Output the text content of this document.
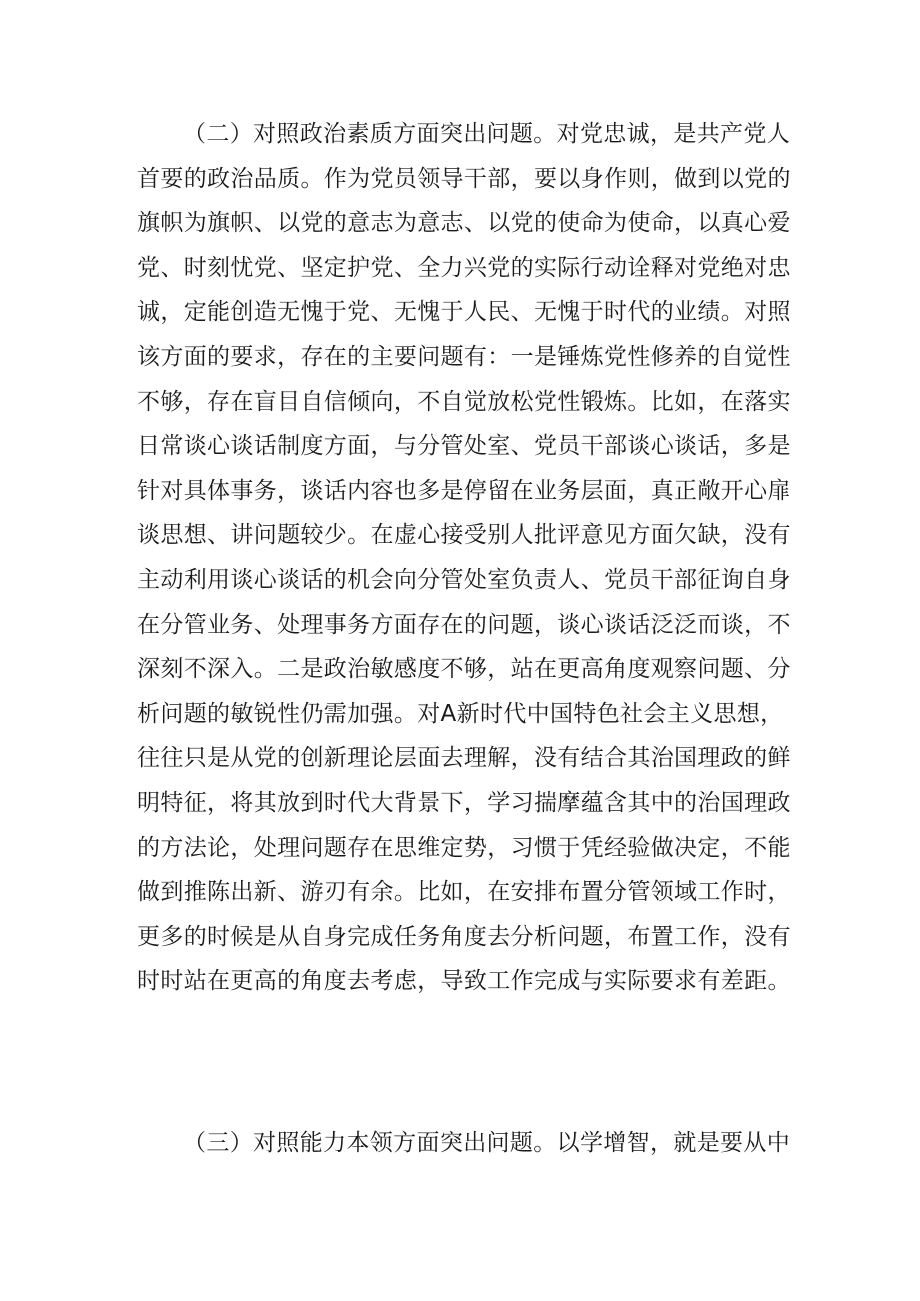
（二）对照政治素质方面突出问题。对党忠诚，是共产党人
首要的政治品质。作为党员领导干部，要以身作则，做到以党的
旗帜为旗帜、以党的意志为意志、以党的使命为使命，以真心爱
党、时刻忧党、坚定护党、全力兴党的实际行动诠释对党绝对忠
诚，定能创造无愧于党、无愧于人民、无愧于时代的业绩。对照
该方面的要求，存在的主要问题有：一是锤炼党性修养的自觉性
不够，存在盲目自信倾向，不自觉放松党性锻炼。比如，在落实
日常谈心谈话制度方面，与分管处室、党员干部谈心谈话，多是
针对具体事务，谈话内容也多是停留在业务层面，真正敞开心扉
谈思想、讲问题较少。在虚心接受别人批评意见方面欠缺，没有
主动利用谈心谈话的机会向分管处室负责人、党员干部征询自身
在分管业务、处理事务方面存在的问题，谈心谈话泛泛而谈，不
深刻不深入。二是政治敏感度不够，站在更高角度观察问题、分
析问题的敏锐性仍需加强。对A新时代中国特色社会主义思想，
往往只是从党的创新理论层面去理解，没有结合其治国理政的鲜
明特征，将其放到时代大背景下，学习揣摩蕴含其中的治国理政
的方法论，处理问题存在思维定势，习惯于凭经验做决定，不能
做到推陈出新、游刃有余。比如，在安排布置分管领域工作时，
更多的时候是从自身完成任务角度去分析问题，布置工作，没有
时时站在更高的角度去考虑，导致工作完成与实际要求有差距。
（三）对照能力本领方面突出问题。以学增智，就是要从中
